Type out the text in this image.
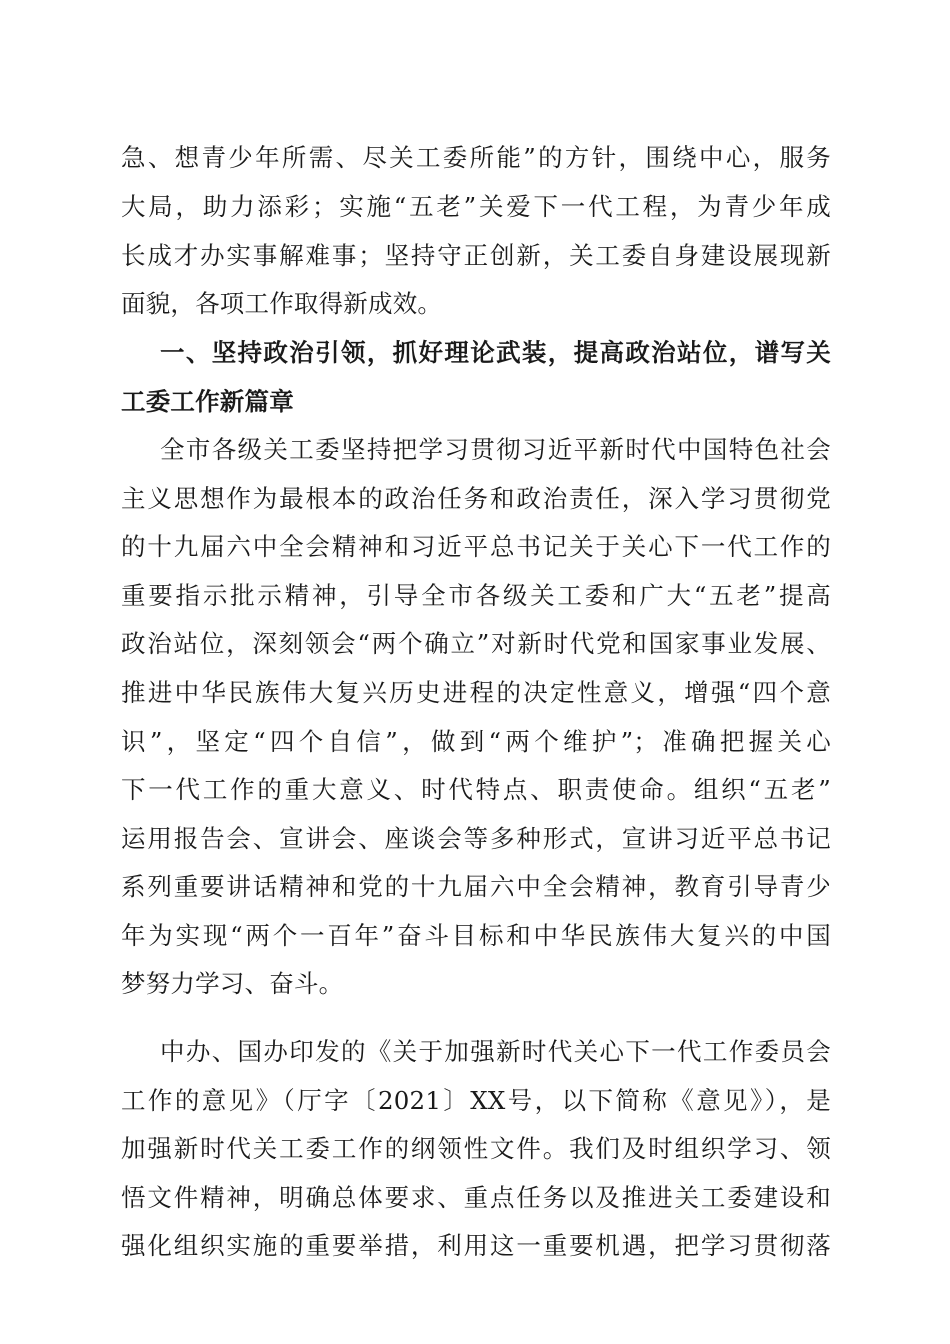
急、想青少年所需、尽关工委所能”的方针，围绕中心，服务
大局，助力添彩；实施“五老”关爱下一代工程，为青少年成
长成才办实事解难事；坚持守正创新，关工委自身建设展现新
面貌，各项工作取得新成效。
一、坚持政治引领，抓好理论武装，提高政治站位，谱写关
工委工作新篇章
全市各级关工委坚持把学习贯彻习近平新时代中国特色社会
主义思想作为最根本的政治任务和政治责任，深入学习贯彻党
的十九届六中全会精神和习近平总书记关于关心下一代工作的
重要指示批示精神，引导全市各级关工委和广大“五老”提高
政治站位，深刻领会“两个确立”对新时代党和国家事业发展、
推进中华民族伟大复兴历史进程的决定性意义，增强“四个意
识”，坚定“四个自信”，做到“两个维护”；准确把握关心
下一代工作的重大意义、时代特点、职责使命。组织“五老”
运用报告会、宣讲会、座谈会等多种形式，宣讲习近平总书记
系列重要讲话精神和党的十九届六中全会精神，教育引导青少
年为实现“两个一百年”奋斗目标和中华民族伟大复兴的中国
梦努力学习、奋斗。
中办、国办印发的《关于加强新时代关心下一代工作委员会
工作的意见》（厅字〔2021〕XX号，以下简称《意见》），是
加强新时代关工委工作的纲领性文件。我们及时组织学习、领
悟文件精神，明确总体要求、重点任务以及推进关工委建设和
强化组织实施的重要举措，利用这一重要机遇，把学习贯彻落
